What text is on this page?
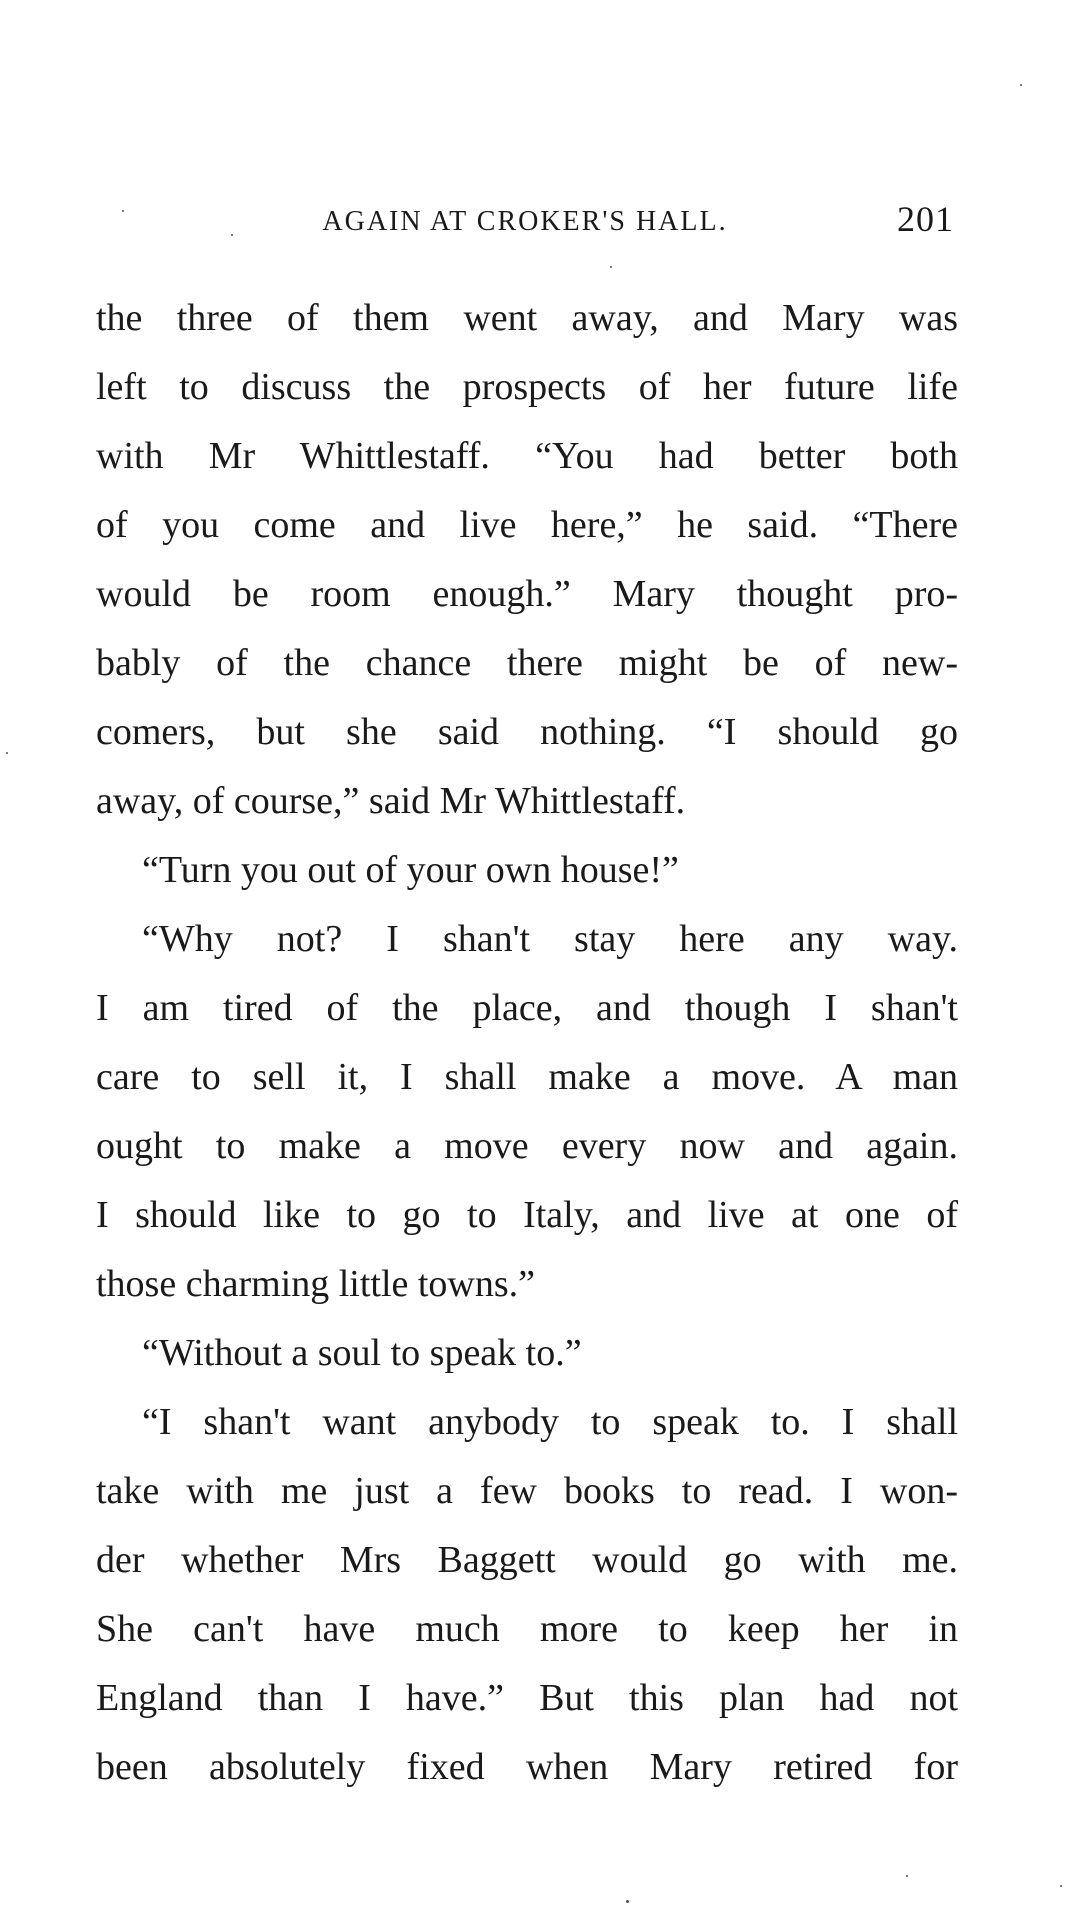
AGAIN AT CROKER'S HALL.	201
the three of them went away, and Mary was
left to discuss the prospects of her future life
with Mr Whittlestaff. “You had better both
of you come and live here,” he said. “There
would be room enough.” Mary thought pro-
bably of the chance there might be of new-
comers, but she said nothing. “I should go
away, of course,” said Mr Whittlestaff.
“Turn you out of your own house!”
“Why not? I shan't stay here any way.
I am tired of the place, and though I shan't
care to sell it, I shall make a move. A man
ought to make a move every now and again.
I should like to go to Italy, and live at one of
those charming little towns.”
“Without a soul to speak to.”
“I shan't want anybody to speak to. I shall
take with me just a few books to read. I won-
der whether Mrs Baggett would go with me.
She can't have much more to keep her in
England than I have.” But this plan had not
been absolutely fixed when Mary retired for
